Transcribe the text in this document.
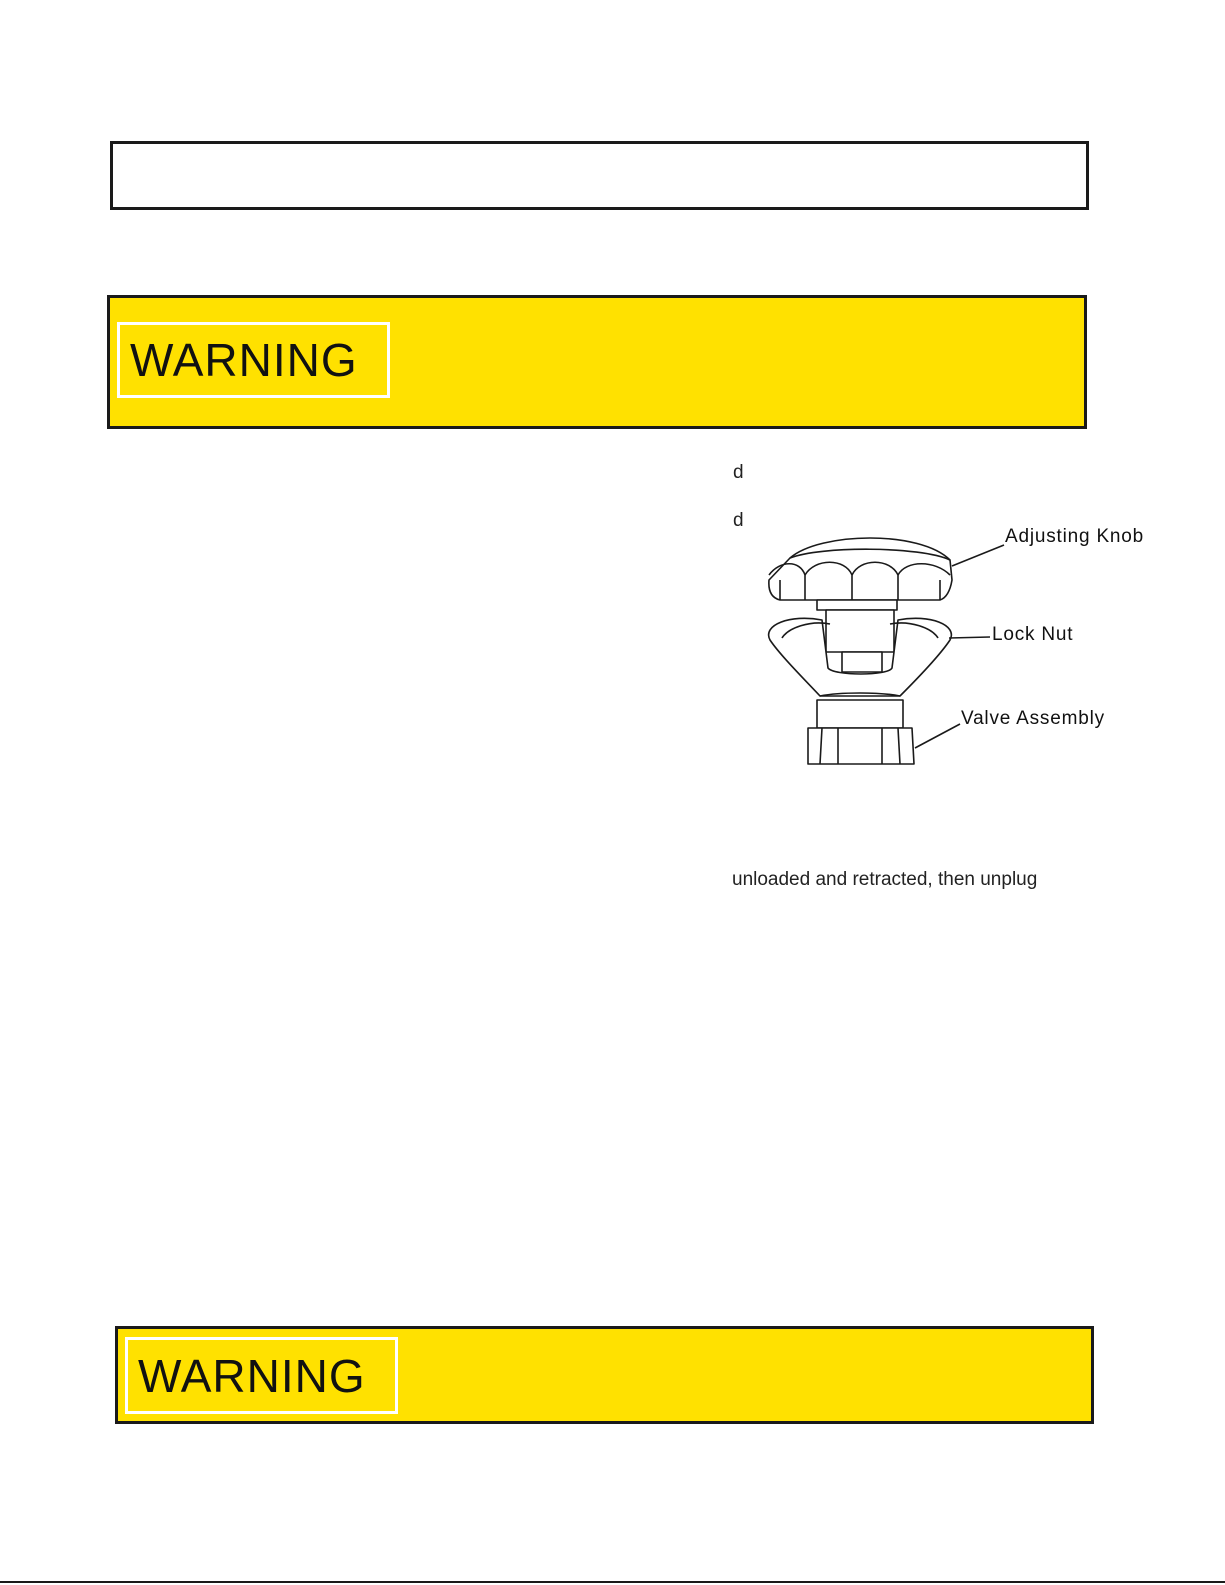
WARNING
d
d
Adjusting Knob
Lock Nut
Valve Assembly
unloaded and retracted, then unplug
WARNING
